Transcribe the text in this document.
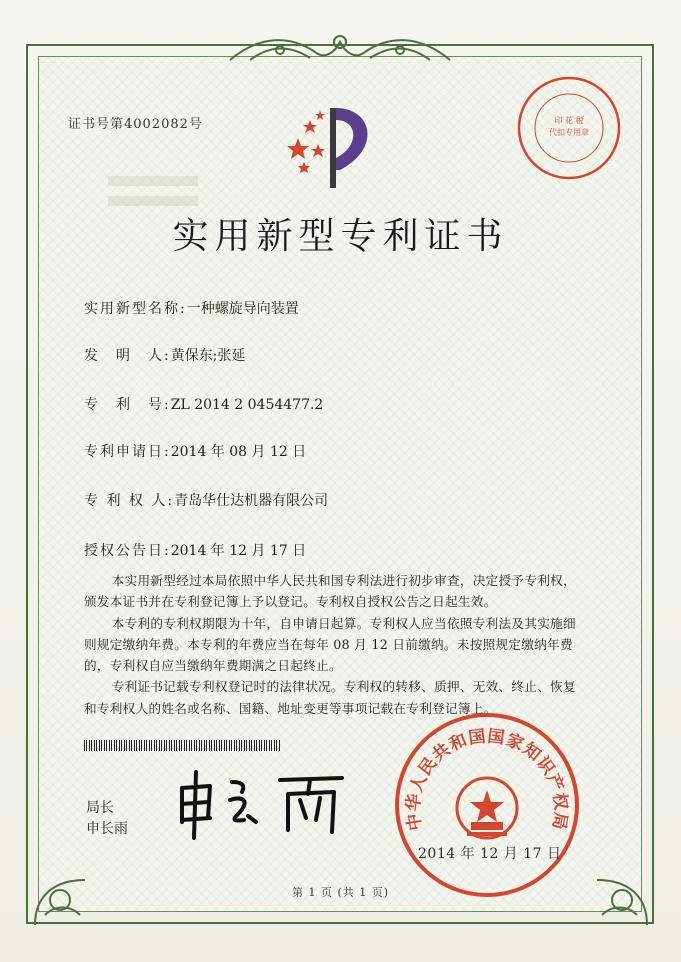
证书号第4002082号
实用新型专利证书
实用新型名称:一种螺旋导向装置
发　明　人:黄保东;张延
专　利　号:ZL 2014 2 0454477.2
专利申请日:2014 年 08 月 12 日
专 利 权 人:青岛华仕达机器有限公司
授权公告日:2014 年 12 月 17 日

本实用新型经过本局依照中华人民共和国专利法进行初步审查，决定授予专利权，颁发本证书并在专利登记簿上予以登记。专利权自授权公告之日起生效。

本专利的专利权期限为十年，自申请日起算。专利权人应当依照专利法及其实施细则规定缴纳年费。本专利的年费应当在每年 08 月 12 日前缴纳。未按照规定缴纳年费的，专利权自应当缴纳年费期满之日起终止。

专利证书记载专利权登记时的法律状况。专利权的转移、质押、无效、终止、恢复和专利权人的姓名或名称、国籍、地址变更等事项记载在专利登记簿上。

局长
申长雨	中华人民共和国国家知识产权局
2014 年 12 月 17 日
印 花 税
代扣专用章
第 1 页 (共 1 页)
